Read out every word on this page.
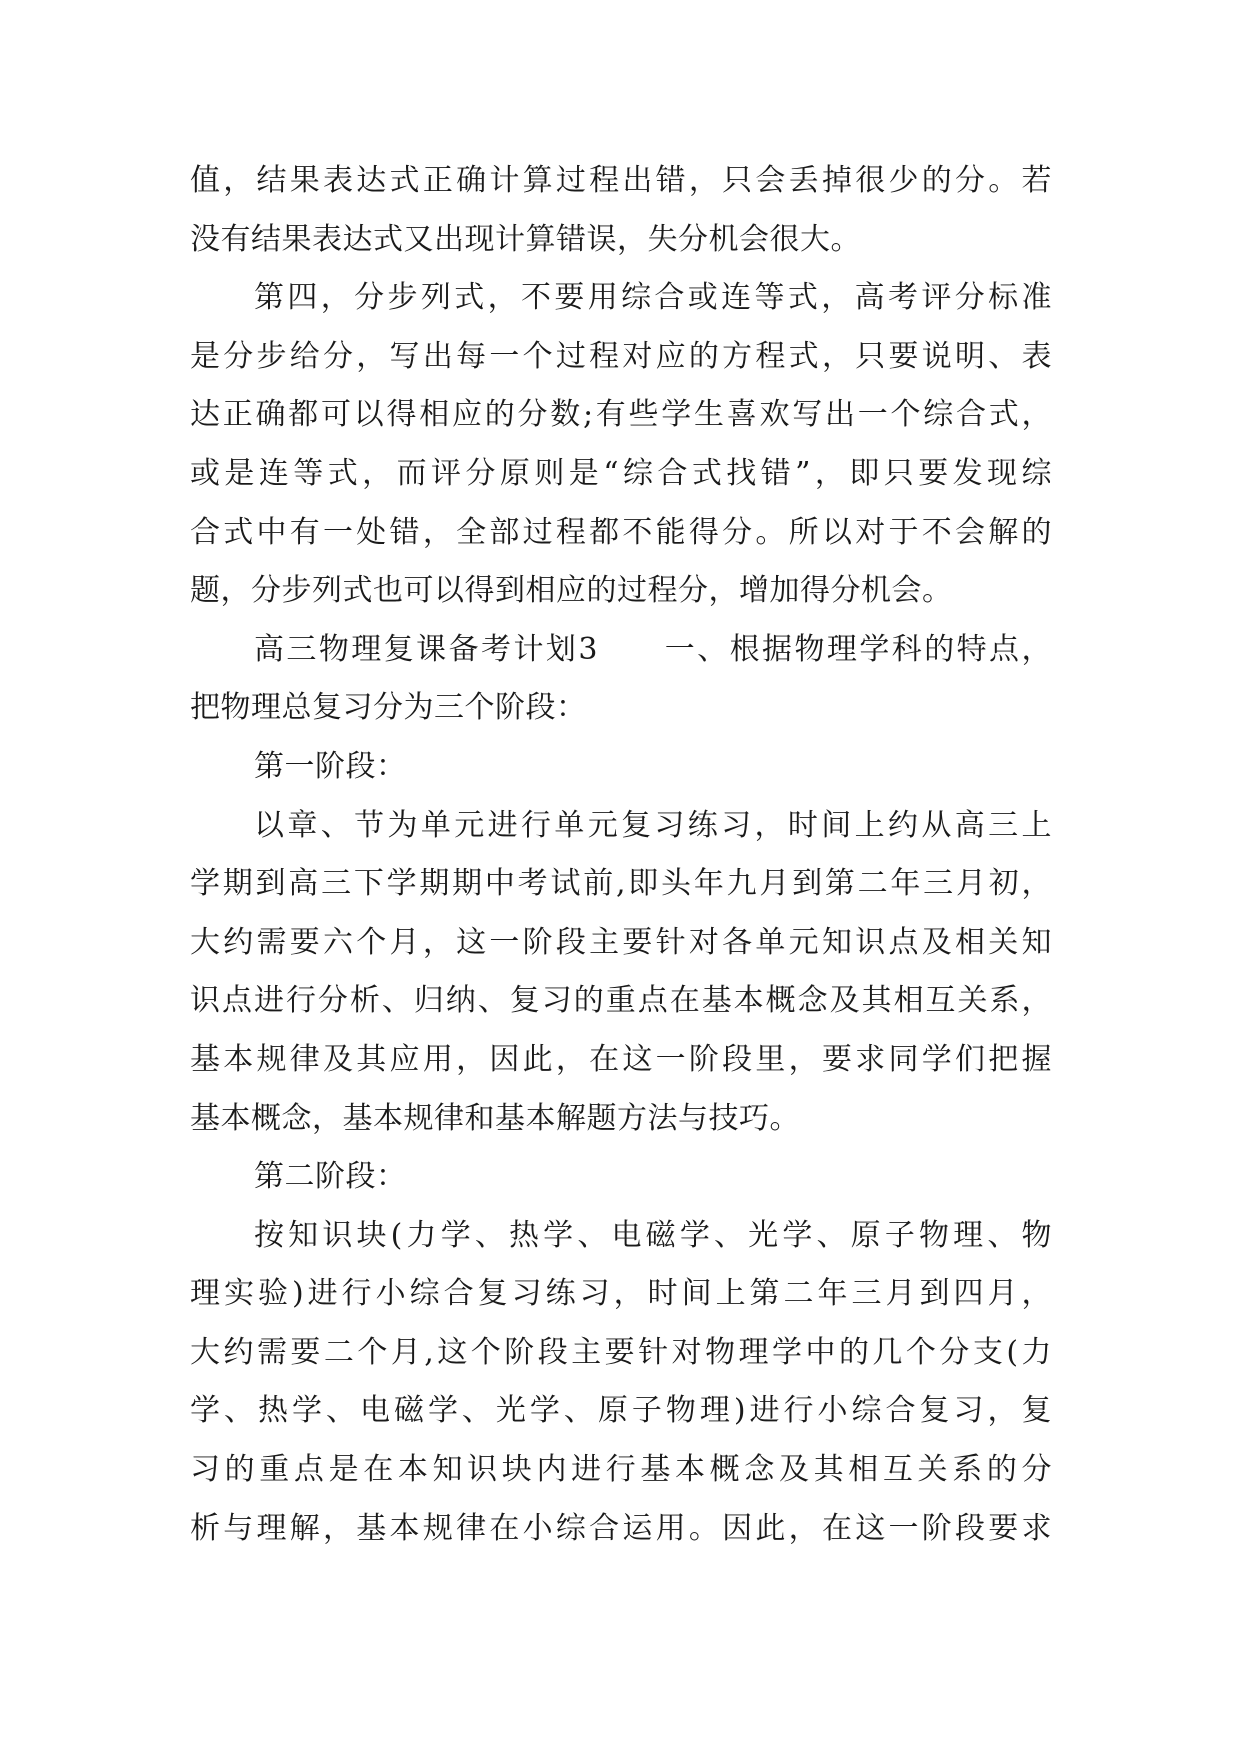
值，结果表达式正确计算过程出错，只会丢掉很少的分。若
没有结果表达式又出现计算错误，失分机会很大。
第四，分步列式，不要用综合或连等式，高考评分标准
是分步给分，写出每一个过程对应的方程式，只要说明、表
达正确都可以得相应的分数;有些学生喜欢写出一个综合式，
或是连等式，而评分原则是“综合式找错”，即只要发现综
合式中有一处错，全部过程都不能得分。所以对于不会解的
题，分步列式也可以得到相应的过程分，增加得分机会。
高三物理复课备考计划3　　一、根据物理学科的特点，
把物理总复习分为三个阶段：
第一阶段：
以章、节为单元进行单元复习练习，时间上约从高三上
学期到高三下学期期中考试前,即头年九月到第二年三月初，
大约需要六个月，这一阶段主要针对各单元知识点及相关知
识点进行分析、归纳、复习的重点在基本概念及其相互关系，
基本规律及其应用，因此，在这一阶段里，要求同学们把握
基本概念，基本规律和基本解题方法与技巧。
第二阶段：
按知识块(力学、热学、电磁学、光学、原子物理、物
理实验)进行小综合复习练习，时间上第二年三月到四月，
大约需要二个月,这个阶段主要针对物理学中的几个分支(力
学、热学、电磁学、光学、原子物理)进行小综合复习，复
习的重点是在本知识块内进行基本概念及其相互关系的分
析与理解，基本规律在小综合运用。因此，在这一阶段要求
